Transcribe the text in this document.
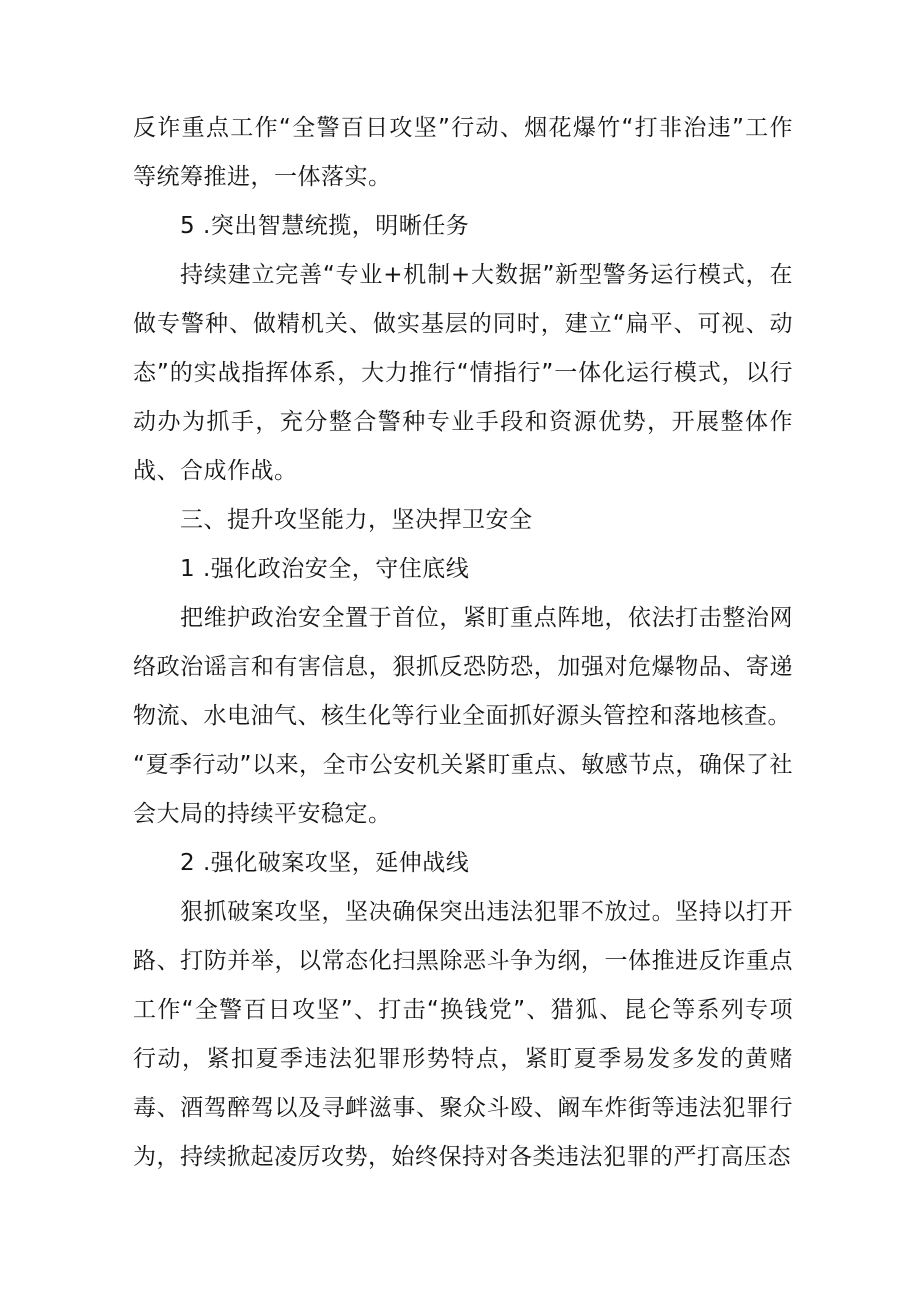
反诈重点工作“全警百日攻坚”行动、烟花爆竹“打非治违”工作等统筹推进，一体落实。

5 .突出智慧统揽，明晰任务

持续建立完善“专业+机制+大数据”新型警务运行模式，在做专警种、做精机关、做实基层的同时，建立“扁平、可视、动态”的实战指挥体系，大力推行“情指行”一体化运行模式，以行动办为抓手，充分整合警种专业手段和资源优势，开展整体作战、合成作战。

三、提升攻坚能力，坚决捍卫安全

1 .强化政治安全，守住底线

把维护政治安全置于首位，紧盯重点阵地，依法打击整治网络政治谣言和有害信息，狠抓反恐防恐，加强对危爆物品、寄递物流、水电油气、核生化等行业全面抓好源头管控和落地核查。

“夏季行动”以来，全市公安机关紧盯重点、敏感节点，确保了社会大局的持续平安稳定。

2 .强化破案攻坚，延伸战线

狠抓破案攻坚，坚决确保突出违法犯罪不放过。坚持以打开路、打防并举，以常态化扫黑除恶斗争为纲，一体推进反诈重点工作“全警百日攻坚”、打击“换钱党”、猎狐、昆仑等系列专项行动，紧扣夏季违法犯罪形势特点，紧盯夏季易发多发的黄赌毒、酒驾醉驾以及寻衅滋事、聚众斗殴、阚车炸街等违法犯罪行为，持续掀起凌厉攻势，始终保持对各类违法犯罪的严打高压态
